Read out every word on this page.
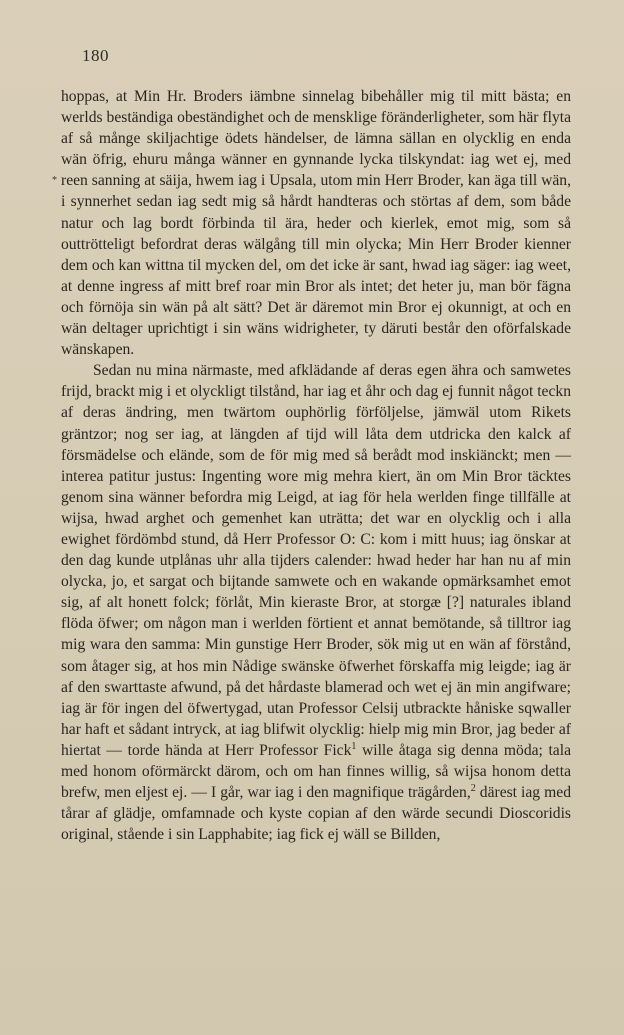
180
*

hoppas, at Min Hr. Broders iämbne sinnelag bibehåller mig til mitt bästa; en werlds beständiga obeständighet och de mensklige föränderligheter, som här flyta af så månge skiljachtige ödets händelser, de lämna sällan en olycklig en enda wän öfrig, ehuru många wänner en gynnande lycka tilskyndat: iag wet ej, med reen sanning at säija, hwem iag i Upsala, utom min Herr Broder, kan äga till wän, i synnerhet sedan iag sedt mig så hårdt handteras och störtas af dem, som både natur och lag bordt förbinda til ära, heder och kierlek, emot mig, som så outtrötteligt befordrat deras wälgång till min olycka; Min Herr Broder kienner dem och kan wittna til mycken del, om det icke är sant, hwad iag säger: iag weet, at denne ingress af mitt bref roar min Bror als intet; det heter ju, man bör fägna och förnöja sin wän på alt sätt? Det är däremot min Bror ej okunnigt, at och en wän deltager uprichtigt i sin wäns widrigheter, ty däruti består den oförfalskade wänskapen.

Sedan nu mina närmaste, med afklädande af deras egen ähra och samwetes frijd, brackt mig i et olyckligt tilstånd, har iag et åhr och dag ej funnit något teckn af deras ändring, men twärtom ouphörlig förföljelse, jämwäl utom Rikets gräntzor; nog ser iag, at längden af tijd will låta dem utdricka den kalck af försmädelse och elände, som de för mig med så berådt mod inskiänckt; men — interea patitur justus: Ingenting wore mig mehra kiert, än om Min Bror täcktes genom sina wänner befordra mig Leigd, at iag för hela werlden finge tillfälle at wijsa, hwad arghet och gemenhet kan uträtta; det war en olycklig och i alla ewighet fördömbd stund, då Herr Professor O: C: kom i mitt huus; iag önskar at den dag kunde utplånas uhr alla tijders calender: hwad heder har han nu af min olycka, jo, et sargat och bijtande samwete och en wakande opmärksamhet emot sig, af alt honett folck; förlåt, Min kieraste Bror, at storgæ [?] naturales ibland flöda öfwer; om någon man i werlden förtient et annat bemötande, så tilltror iag mig wara den samma: Min gunstige Herr Broder, sök mig ut en wän af förstånd, som åtager sig, at hos min Nådige swänske öfwerhet förskaffa mig leigde; iag är af den swarttaste afwund, på det hårdaste blamerad och wet ej än min angifware; iag är för ingen del öfwertygad, utan Professor Celsij utbrackte håniske sqwaller har haft et sådant intryck, at iag blifwit olycklig: hielp mig min Bror, jag beder af hiertat — torde hända at Herr Professor Fick$^1$ wille åtaga sig denna möda; tala med honom oförmärckt därom, och om han finnes willig, så wijsa honom detta brefw, men eljest ej. — I går, war iag i den magnifique trägården,$^2$ därest iag med tårar af glädje, omfamnade och kyste copian af den wärde secundi Dioscoridis original, stående i sin Lapphabite; iag fick ej wäll se Billden,
